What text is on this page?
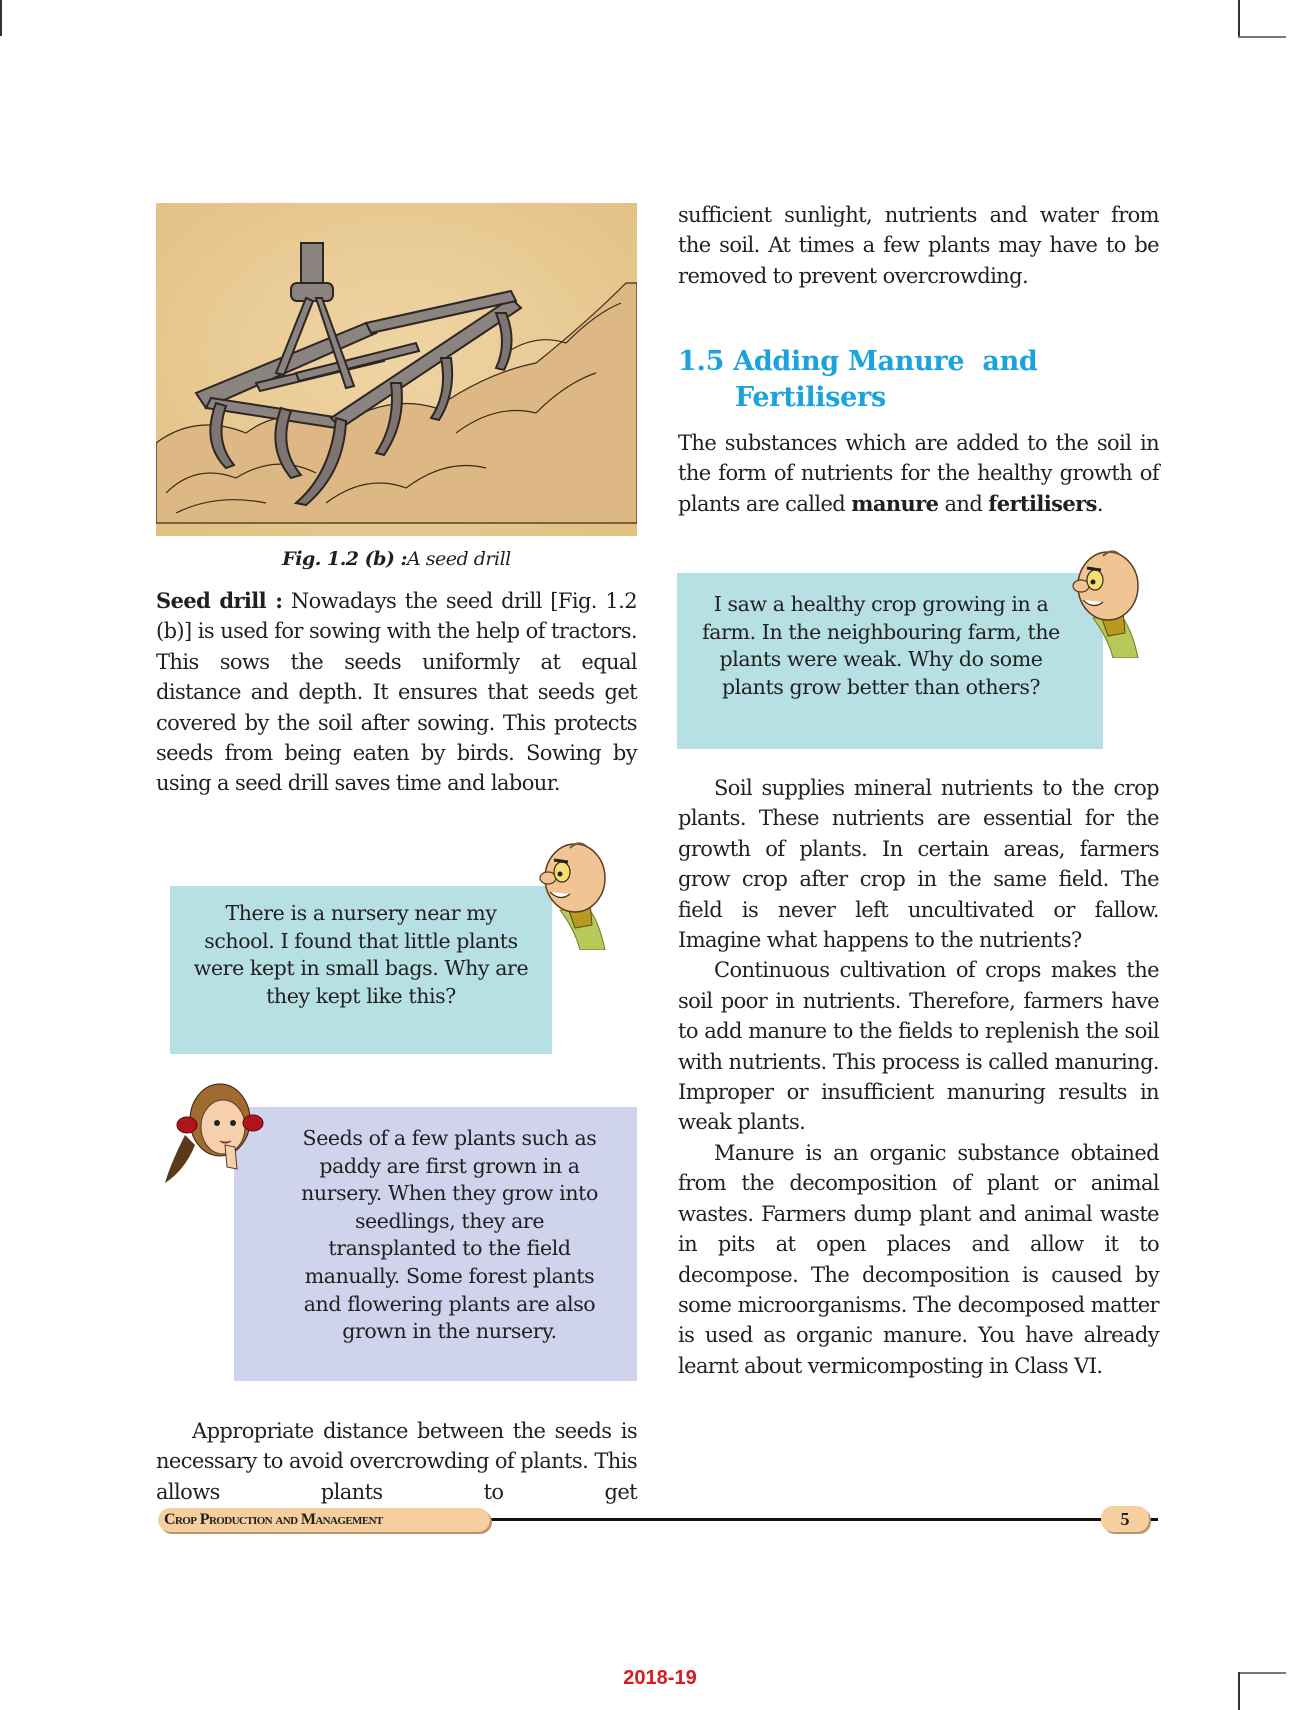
Fig. 1.2 (b) :A seed drill

Seed drill : Nowadays the seed drill [Fig. 1.2 (b)] is used for sowing with the help of tractors. This sows the seeds uniformly at equal distance and depth. It ensures that seeds get covered by the soil after sowing. This protects seeds from being eaten by birds. Sowing by using a seed drill saves time and labour.

There is a nursery near my school. I found that little plants were kept in small bags. Why are they kept like this?
Seeds of a few plants such as paddy are first grown in a nursery. When they grow into seedlings, they are transplanted to the field manually. Some forest plants and flowering plants are also grown in the nursery.

Appropriate distance between the seeds is necessary to avoid overcrowding of plants. This allows plants to get

sufficient sunlight, nutrients and water from the soil. At times a few plants may have to be removed to prevent overcrowding.

1.5 Adding Manure  and
Fertilisers

The substances which are added to the soil in the form of nutrients for the healthy growth of plants are called manure and fertilisers.

I saw a healthy crop growing in a farm. In the neighbouring farm, the plants were weak. Why do some plants grow better than others?

Soil supplies mineral nutrients to the crop plants. These nutrients are essential for the growth of plants. In certain areas, farmers grow crop after crop in the same field. The field is never left uncultivated or fallow. Imagine what happens to the nutrients?

Continuous cultivation of crops makes the soil poor in nutrients. Therefore, farmers have to add manure to the fields to replenish the soil with nutrients. This process is called manuring. Improper or insufficient manuring results in weak plants.

Manure is an organic substance obtained from the decomposition of plant or animal wastes. Farmers dump plant and animal waste in pits at open places and allow it to decompose. The decomposition is caused by some microorganisms. The decomposed matter is used as organic manure. You have already learnt about vermicomposting in Class VI.

Crop Production and Management	5
2018-19
